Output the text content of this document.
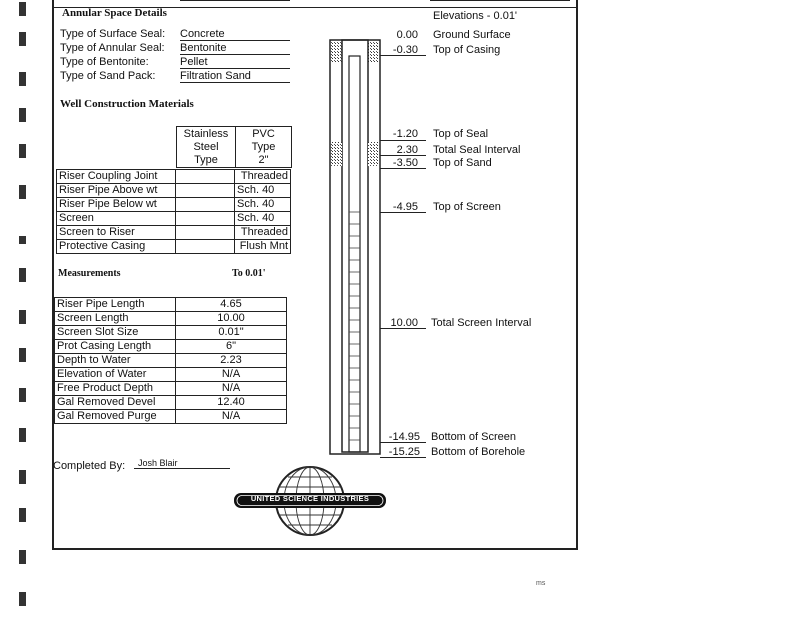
Annular Space Details
Type of Surface Seal: Concrete
Type of Annular Seal: Bentonite
Type of Bentonite:	Pellet
Type of Sand Pack: Filtration Sand
Well Construction Materials
Stainless
Steel
Type

PVC
Type
2"
Riser Coupling Joint		Threaded
Riser Pipe Above wt		Sch. 40
Riser Pipe Below wt		Sch. 40
Screen		Sch. 40
Screen to Riser		Threaded
Protective Casing		Flush Mnt
Measurements	To 0.01'
Riser Pipe Length	4.65
Screen Length	10.00
Screen Slot Size	0.01"
Prot Casing Length	6"
Depth to Water	2.23
Elevation of Water	N/A
Free Product Depth	N/A
Gal Removed Devel	12.40
Gal Removed Purge	N/A
Completed By:	Josh Blair
Elevations - 0.01'
0.00 Ground Surface
-0.30 Top of Casing
-1.20 Top of Seal
2.30 Total Seal Interval
-3.50 Top of Sand
-4.95 Top of Screen
10.00 Total Screen Interval
-14.95 Bottom of Screen
-15.25 Bottom of Borehole
UNITED SCIENCE INDUSTRIES
ms
